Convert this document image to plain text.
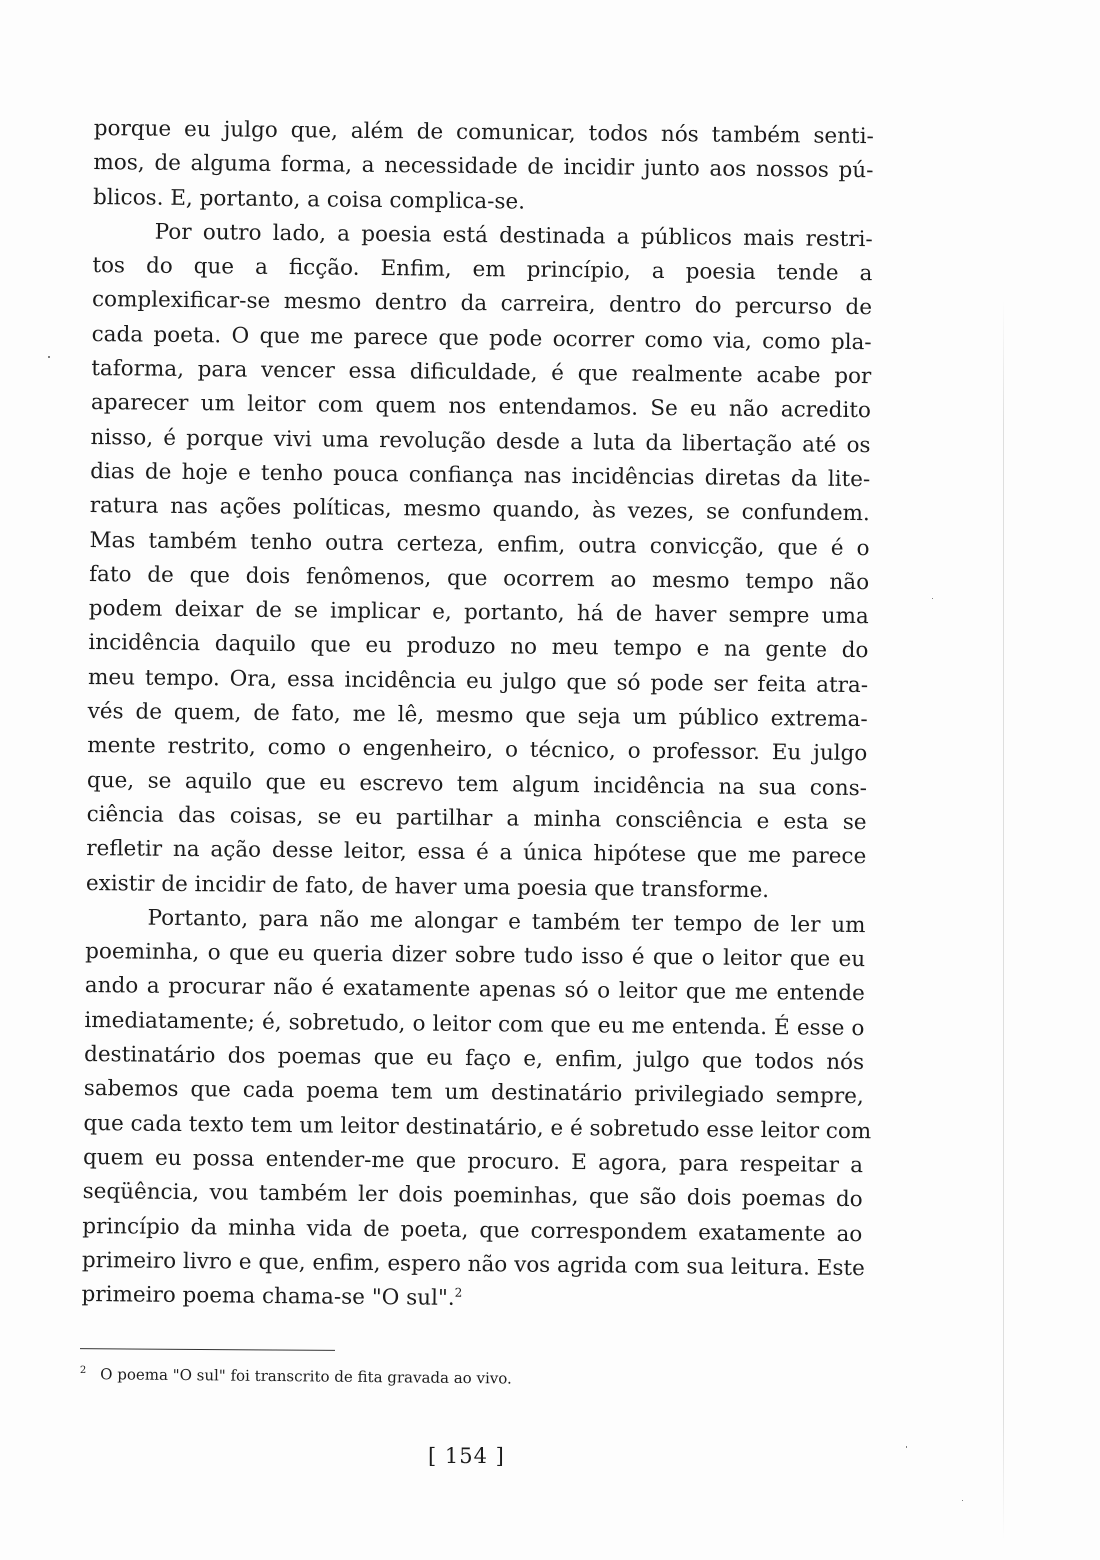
porque eu julgo que, além de comunicar, todos nós também senti-
mos, de alguma forma, a necessidade de incidir junto aos nossos pú-
blicos. E, portanto, a coisa complica-se.
Por outro lado, a poesia está destinada a públicos mais restri-
tos do que a ficção. Enfim, em princípio, a poesia tende a
complexificar-se mesmo dentro da carreira, dentro do percurso de
cada poeta. O que me parece que pode ocorrer como via, como pla-
taforma, para vencer essa dificuldade, é que realmente acabe por
aparecer um leitor com quem nos entendamos. Se eu não acredito
nisso, é porque vivi uma revolução desde a luta da libertação até os
dias de hoje e tenho pouca confiança nas incidências diretas da lite-
ratura nas ações políticas, mesmo quando, às vezes, se confundem.
Mas também tenho outra certeza, enfim, outra convicção, que é o
fato de que dois fenômenos, que ocorrem ao mesmo tempo não
podem deixar de se implicar e, portanto, há de haver sempre uma
incidência daquilo que eu produzo no meu tempo e na gente do
meu tempo. Ora, essa incidência eu julgo que só pode ser feita atra-
vés de quem, de fato, me lê, mesmo que seja um público extrema-
mente restrito, como o engenheiro, o técnico, o professor. Eu julgo
que, se aquilo que eu escrevo tem algum incidência na sua cons-
ciência das coisas, se eu partilhar a minha consciência e esta se
refletir na ação desse leitor, essa é a única hipótese que me parece
existir de incidir de fato, de haver uma poesia que transforme.
Portanto, para não me alongar e também ter tempo de ler um
poeminha, o que eu queria dizer sobre tudo isso é que o leitor que eu
ando a procurar não é exatamente apenas só o leitor que me entende
imediatamente; é, sobretudo, o leitor com que eu me entenda. É esse o
destinatário dos poemas que eu faço e, enfim, julgo que todos nós
sabemos que cada poema tem um destinatário privilegiado sempre,
que cada texto tem um leitor destinatário, e é sobretudo esse leitor com
quem eu possa entender-me que procuro. E agora, para respeitar a
seqüência, vou também ler dois poeminhas, que são dois poemas do
princípio da minha vida de poeta, que correspondem exatamente ao
primeiro livro e que, enfim, espero não vos agrida com sua leitura. Este
primeiro poema chama-se "O sul".$^2$
$^2$ O poema "O sul" foi transcrito de fita gravada ao vivo.
[ 154 ]
